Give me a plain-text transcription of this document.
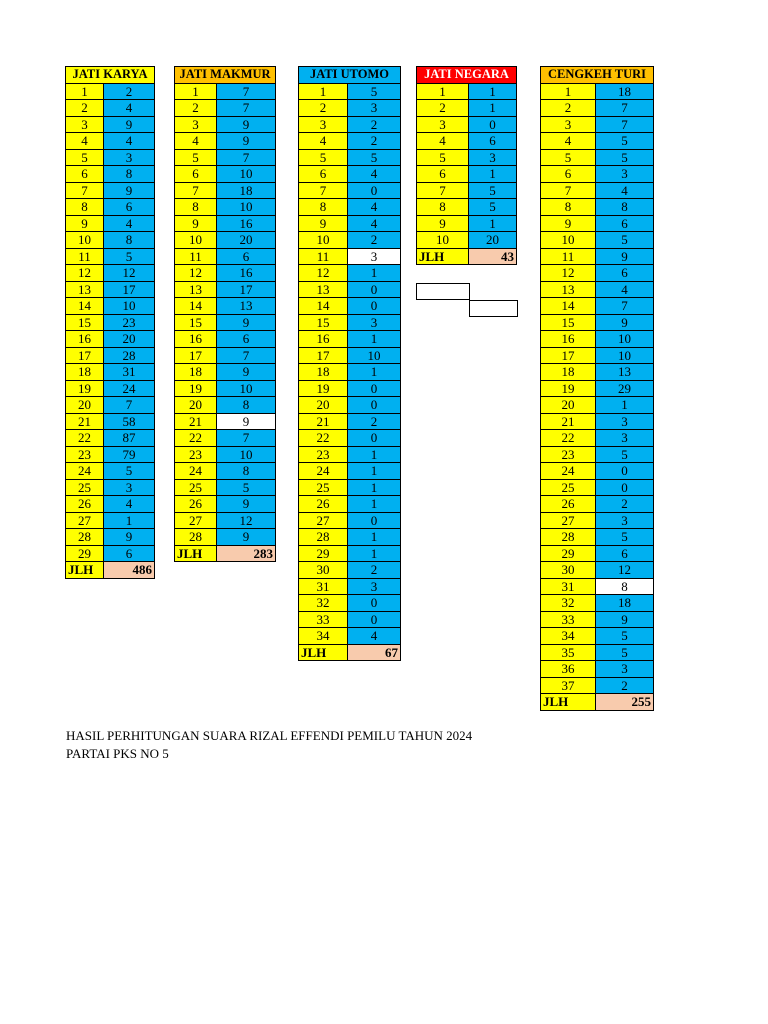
JATI KARYA	
1	2
2	4
3	9
4	4
5	3
6	8
7	9
8	6
9	4
10	8
11	5
12	12
13	17
14	10
15	23
16	20
17	28
18	31
19	24
20	7
21	58
22	87
23	79
24	5
25	3
26	4
27	1
28	9
29	6
JLH	486
JATI MAKMUR	
1	7
2	7
3	9
4	9
5	7
6	10
7	18
8	10
9	16
10	20
11	6
12	16
13	17
14	13
15	9
16	6
17	7
18	9
19	10
20	8
21	9
22	7
23	10
24	8
25	5
26	9
27	12
28	9
JLH	283
JATI UTOMO	
1	5
2	3
3	2
4	2
5	5
6	4
7	0
8	4
9	4
10	2
11	3
12	1
13	0
14	0
15	3
16	1
17	10
18	1
19	0
20	0
21	2
22	0
23	1
24	1
25	1
26	1
27	0
28	1
29	1
30	2
31	3
32	0
33	0
34	4
JLH	67
JATI NEGARA	
1	1
2	1
3	0
4	6
5	3
6	1
7	5
8	5
9	1
10	20
JLH	43
CENGKEH TURI	
1	18
2	7
3	7
4	5
5	5
6	3
7	4
8	8
9	6
10	5
11	9
12	6
13	4
14	7
15	9
16	10
17	10
18	13
19	29
20	1
21	3
22	3
23	5
24	0
25	0
26	2
27	3
28	5
29	6
30	12
31	8
32	18
33	9
34	5
35	5
36	3
37	2
JLH	255
HASIL PERHITUNGAN SUARA RIZAL EFFENDI PEMILU TAHUN 2024
PARTAI PKS NO 5
